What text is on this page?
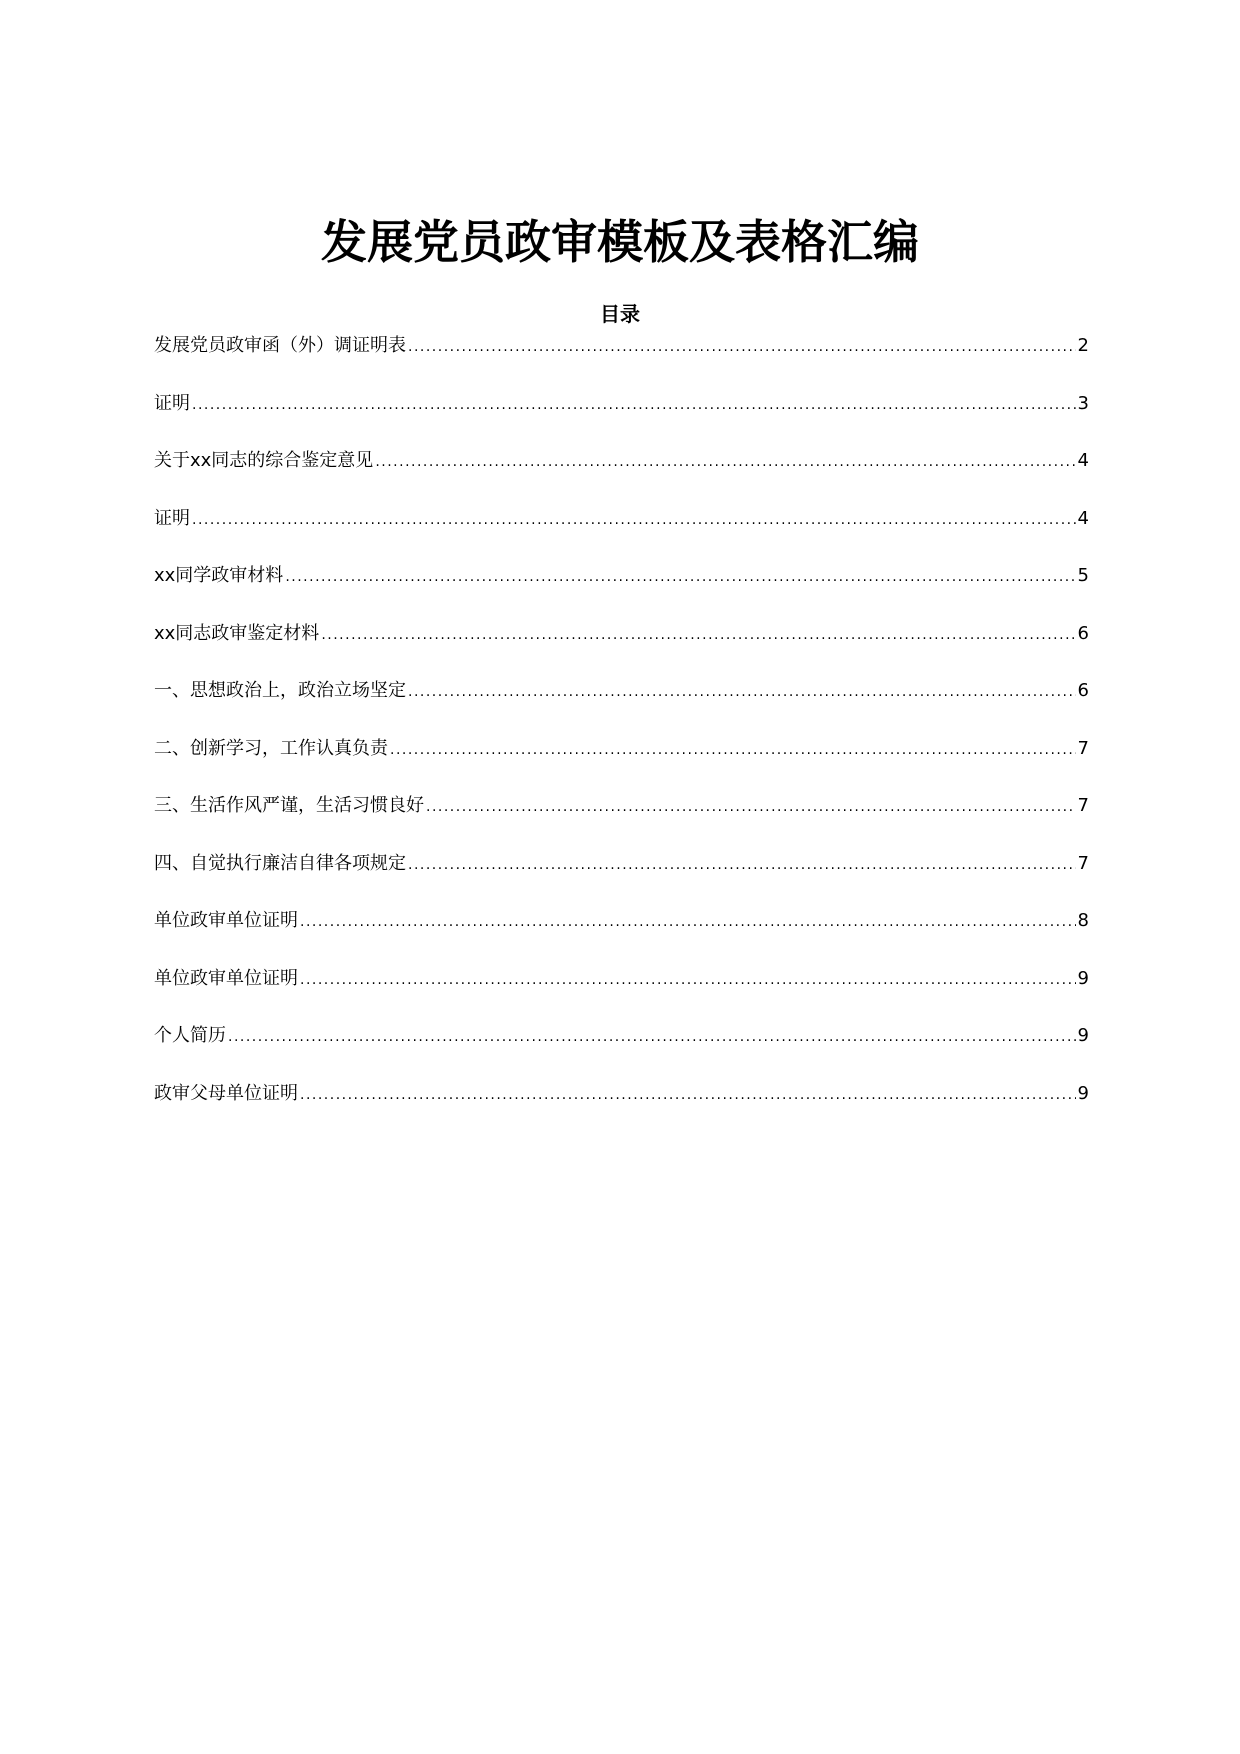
发展党员政审模板及表格汇编
目录
发展党员政审函（外）调证明表 .....	2
证明 .....	3
关于xx同志的综合鉴定意见 .....	4
证明 .....	4
xx同学政审材料 .....	5
xx同志政审鉴定材料 .....	6
一、思想政治上，政治立场坚定 .....	6
二、创新学习，工作认真负责 .....	7
三、生活作风严谨，生活习惯良好 .....	7
四、自觉执行廉洁自律各项规定 .....	7
单位政审单位证明 .....	8
单位政审单位证明 .....	9
个人简历 .....	9
政审父母单位证明 .....	9
